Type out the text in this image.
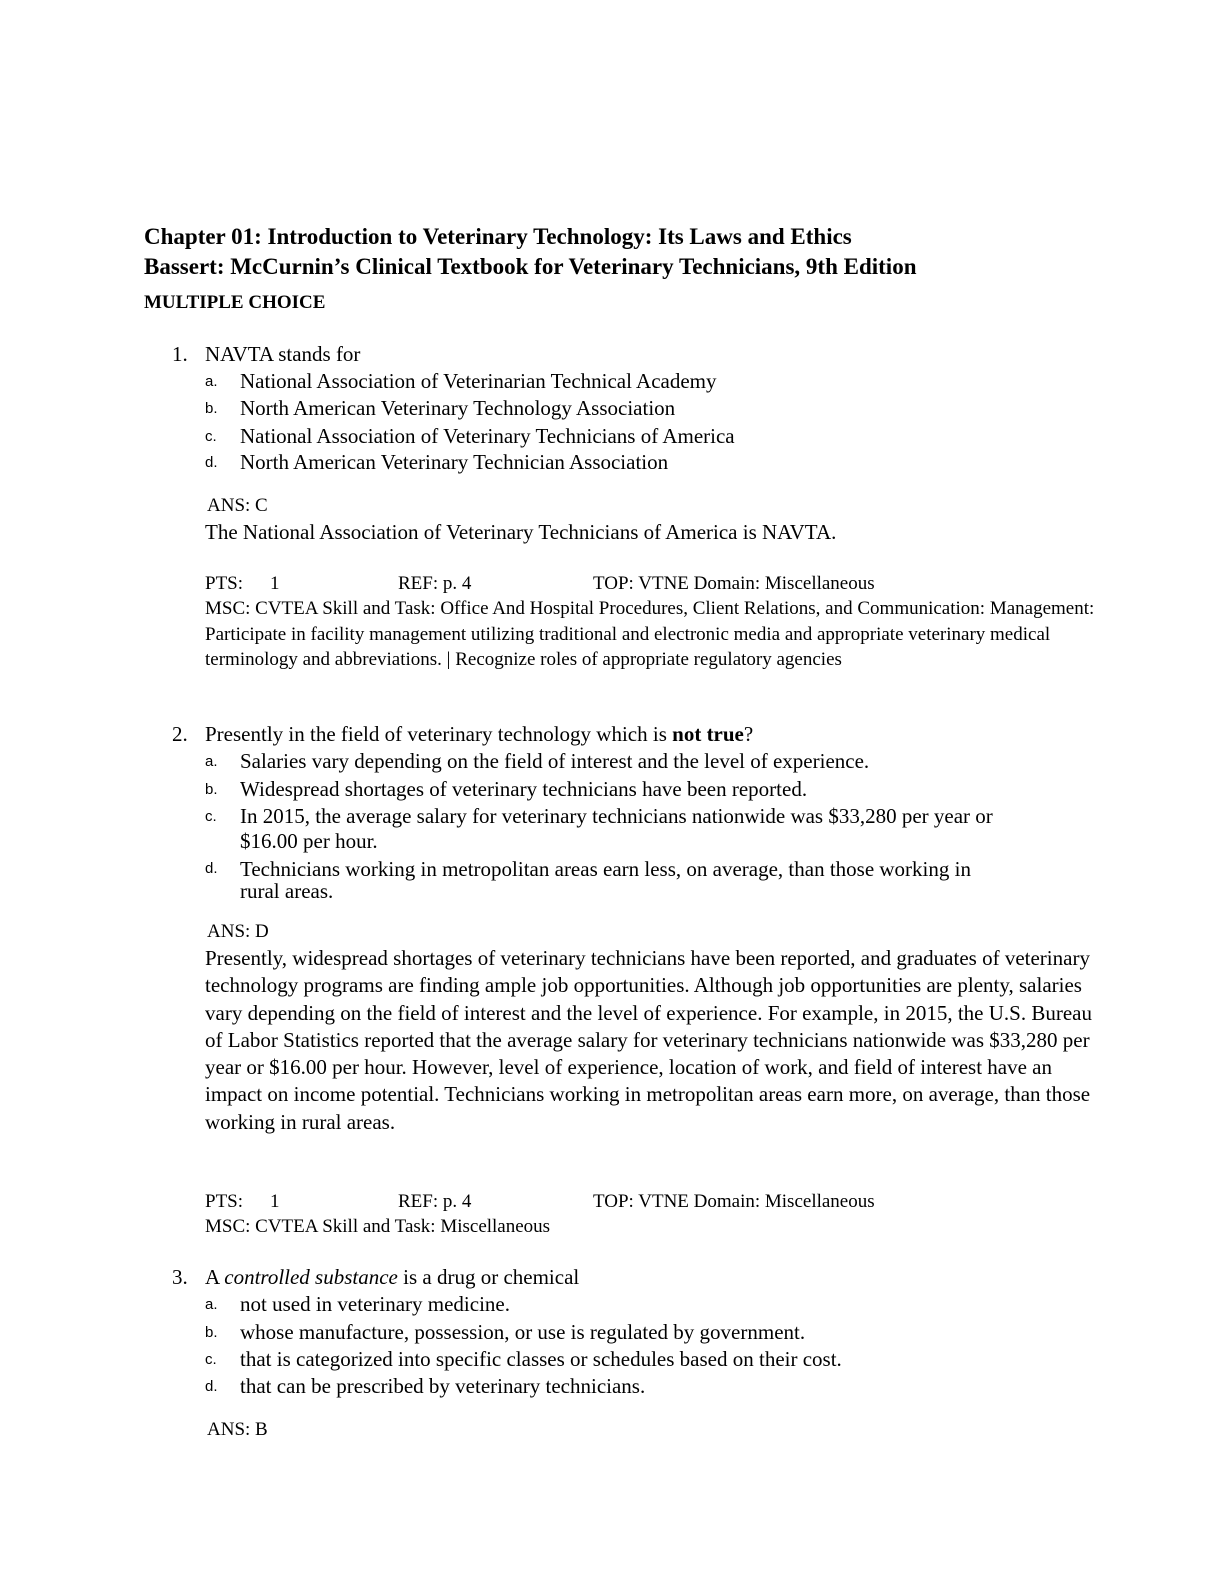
Chapter 01: Introduction to Veterinary Technology: Its Laws and Ethics
Bassert: McCurnin’s Clinical Textbook for Veterinary Technicians, 9th Edition
MULTIPLE CHOICE
1. NAVTA stands for
a. National Association of Veterinarian Technical Academy
b. North American Veterinary Technology Association
c. National Association of Veterinary Technicians of America
d. North American Veterinary Technician Association
ANS: C
The National Association of Veterinary Technicians of America is NAVTA.
PTS: 1	REF: p. 4	TOP: VTNE Domain: Miscellaneous
MSC: CVTEA Skill and Task: Office And Hospital Procedures, Client Relations, and Communication: Management: Participate in facility management utilizing traditional and electronic media and appropriate veterinary medical terminology and abbreviations. | Recognize roles of appropriate regulatory agencies
2. Presently in the field of veterinary technology which is not true?
a. Salaries vary depending on the field of interest and the level of experience.
b. Widespread shortages of veterinary technicians have been reported.
c. In 2015, the average salary for veterinary technicians nationwide was $33,280 per year or $16.00 per hour.
d. Technicians working in metropolitan areas earn less, on average, than those working in rural areas.
ANS: D
Presently, widespread shortages of veterinary technicians have been reported, and graduates of veterinary technology programs are finding ample job opportunities. Although job opportunities are plenty, salaries vary depending on the field of interest and the level of experience. For example, in 2015, the U.S. Bureau of Labor Statistics reported that the average salary for veterinary technicians nationwide was $33,280 per year or $16.00 per hour. However, level of experience, location of work, and field of interest have an impact on income potential. Technicians working in metropolitan areas earn more, on average, than those working in rural areas.
PTS: 1	REF: p. 4	TOP: VTNE Domain: Miscellaneous
MSC: CVTEA Skill and Task: Miscellaneous
3. A controlled substance is a drug or chemical
a. not used in veterinary medicine.
b. whose manufacture, possession, or use is regulated by government.
c. that is categorized into specific classes or schedules based on their cost.
d. that can be prescribed by veterinary technicians.
ANS: B
